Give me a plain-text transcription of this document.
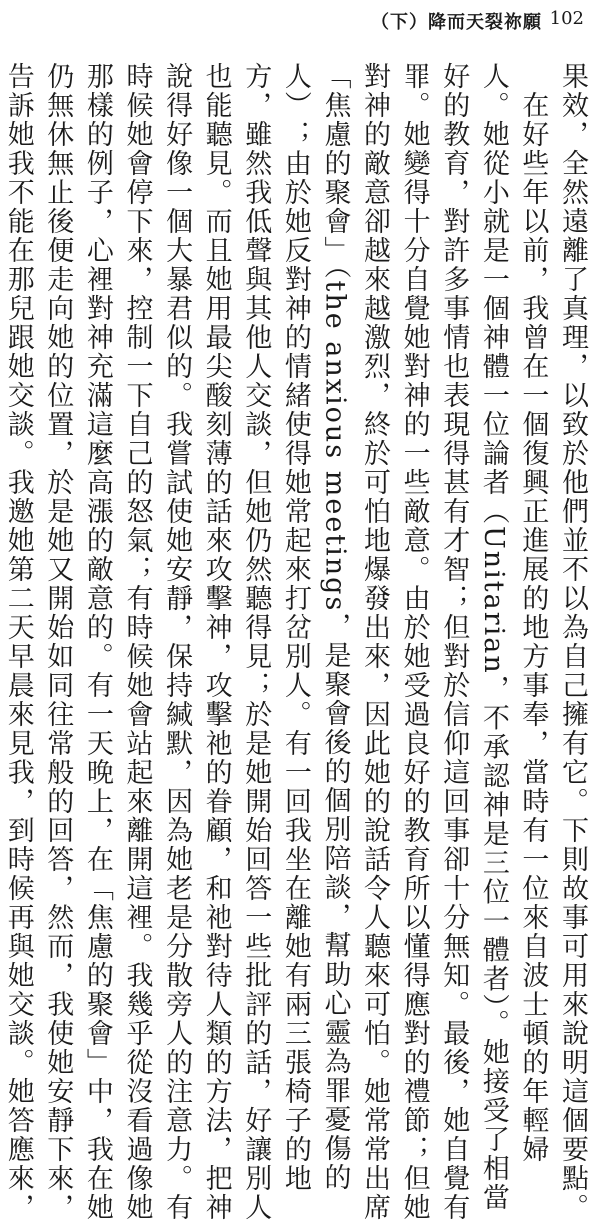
（下）降而天裂祢願 102
果效，全然遠離了真理，以致於他們並不以為自己擁有它。下則故事可用來說明這個要點。
　在好些年以前，我曾在一個復興正進展的地方事奉，當時有一位來自波士頓的年輕婦
人。她從小就是一個神體一位論者（Unitarian，不承認神是三位一體者）。她接受了相當
好的教育，對許多事情也表現得甚有才智；但對於信仰這回事卻十分無知。最後，她自覺有
罪。她變得十分自覺她對神的一些敵意。由於她受過良好的教育所以懂得應對的禮節；但她
對神的敵意卻越來越激烈，終於可怕地爆發出來，因此她的說話令人聽來可怕。她常常出席
「焦慮的聚會」（the anxious meetings，是聚會後的個別陪談，幫助心靈為罪憂傷的
人）；由於她反對神的情緒使得她常起來打岔別人。有一回我坐在離她有兩三張椅子的地
方，雖然我低聲與其他人交談，但她仍然聽得見；於是她開始回答一些批評的話，好讓別人
也能聽見。而且她用最尖酸刻薄的話來攻擊神，攻擊祂的眷顧，和祂對待人類的方法，把神
說得好像一個大暴君似的。我嘗試使她安靜，保持緘默，因為她老是分散旁人的注意力。有
時候她會停下來，控制一下自己的怒氣；有時候她會站起來離開這裡。我幾乎從沒看過像她
那樣的例子，心裡對神充滿這麼高漲的敵意的。有一天晚上，在「焦慮的聚會」中，我在她
仍無休無止後便走向她的位置，於是她又開始如同往常般的回答，然而，我使她安靜下來，
告訴她我不能在那兒跟她交談。我邀她第二天早晨來見我，到時候再與她交談。她答應來，
